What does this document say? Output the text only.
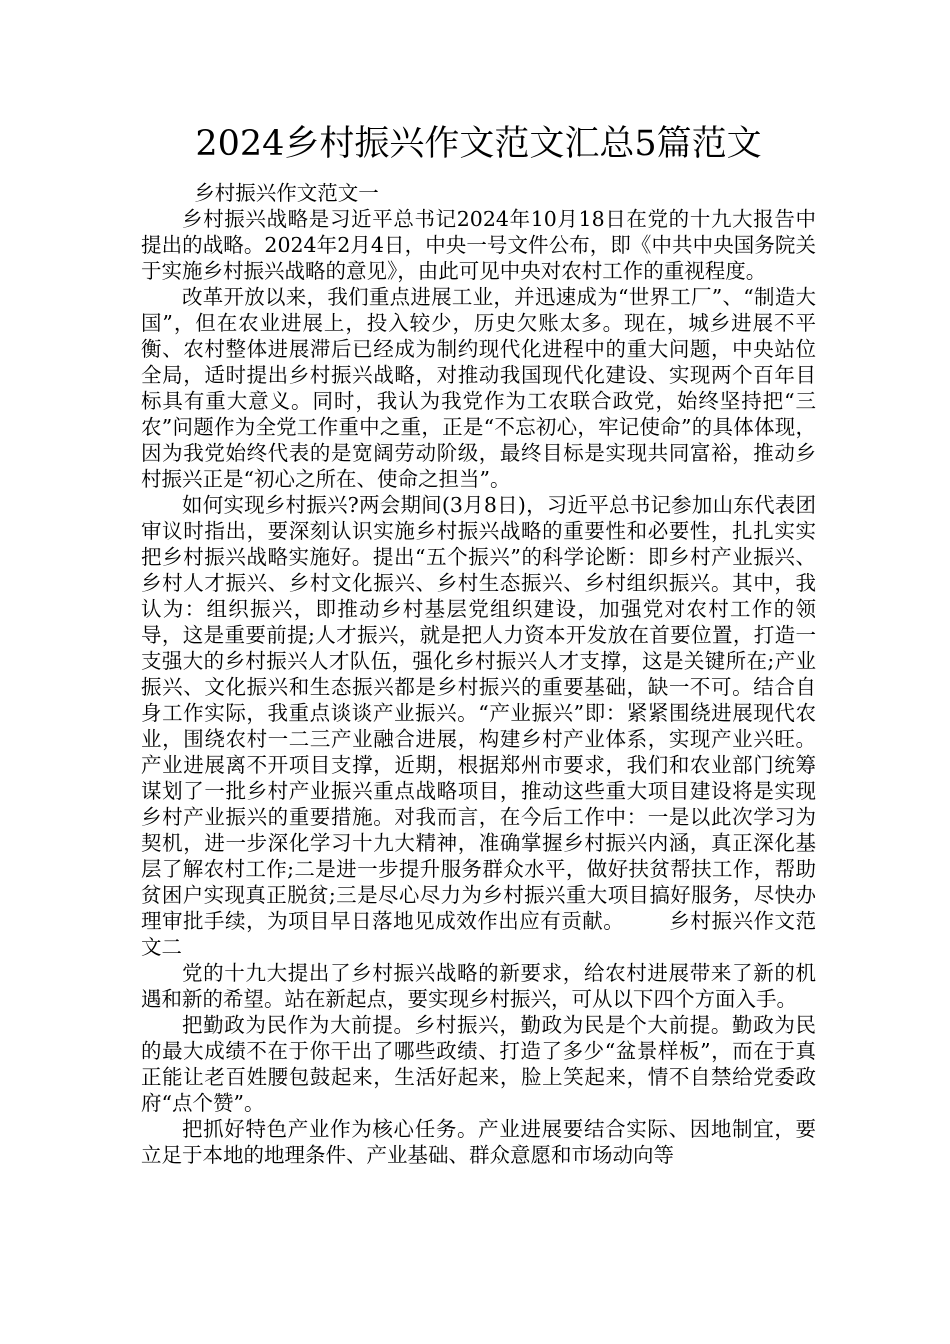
2024乡村振兴作文范文汇总5篇范文

乡村振兴作文范文一

乡村振兴战略是习近平总书记2024年10月18日在党的十九大报告中提出的战略。2024年2月4日，中央一号文件公布，即《中共中央国务院关于实施乡村振兴战略的意见》，由此可见中央对农村工作的重视程度。

改革开放以来，我们重点进展工业，并迅速成为“世界工厂”、“制造大国”，但在农业进展上，投入较少，历史欠账太多。现在，城乡进展不平衡、农村整体进展滞后已经成为制约现代化进程中的重大问题，中央站位全局，适时提出乡村振兴战略，对推动我国现代化建设、实现两个百年目标具有重大意义。同时，我认为我党作为工农联合政党，始终坚持把“三农”问题作为全党工作重中之重，正是“不忘初心，牢记使命”的具体体现，因为我党始终代表的是宽阔劳动阶级，最终目标是实现共同富裕，推动乡村振兴正是“初心之所在、使命之担当”。

如何实现乡村振兴?两会期间(3月8日)，习近平总书记参加山东代表团审议时指出，要深刻认识实施乡村振兴战略的重要性和必要性，扎扎实实把乡村振兴战略实施好。提出“五个振兴”的科学论断：即乡村产业振兴、乡村人才振兴、乡村文化振兴、乡村生态振兴、乡村组织振兴。其中，我认为：组织振兴，即推动乡村基层党组织建设，加强党对农村工作的领导，这是重要前提;人才振兴，就是把人力资本开发放在首要位置，打造一支强大的乡村振兴人才队伍，强化乡村振兴人才支撑，这是关键所在;产业振兴、文化振兴和生态振兴都是乡村振兴的重要基础，缺一不可。结合自身工作实际，我重点谈谈产业振兴。“产业振兴”即：紧紧围绕进展现代农业，围绕农村一二三产业融合进展，构建乡村产业体系，实现产业兴旺。产业进展离不开项目支撑，近期，根据郑州市要求，我们和农业部门统筹谋划了一批乡村产业振兴重点战略项目，推动这些重大项目建设将是实现乡村产业振兴的重要措施。对我而言，在今后工作中：一是以此次学习为契机，进一步深化学习十九大精神，准确掌握乡村振兴内涵，真正深化基层了解农村工作;二是进一步提升服务群众水平，做好扶贫帮扶工作，帮助贫困户实现真正脱贫;三是尽心尽力为乡村振兴重大项目搞好服务，尽快办理审批手续，为项目早日落地见成效作出应有贡献。 乡村振兴作文范文二

党的十九大提出了乡村振兴战略的新要求，给农村进展带来了新的机遇和新的希望。站在新起点，要实现乡村振兴，可从以下四个方面入手。

把勤政为民作为大前提。乡村振兴，勤政为民是个大前提。勤政为民的最大成绩不在于你干出了哪些政绩、打造了多少“盆景样板”，而在于真正能让老百姓腰包鼓起来，生活好起来，脸上笑起来，情不自禁给党委政府“点个赞”。

把抓好特色产业作为核心任务。产业进展要结合实际、因地制宜，要立足于本地的地理条件、产业基础、群众意愿和市场动向等
